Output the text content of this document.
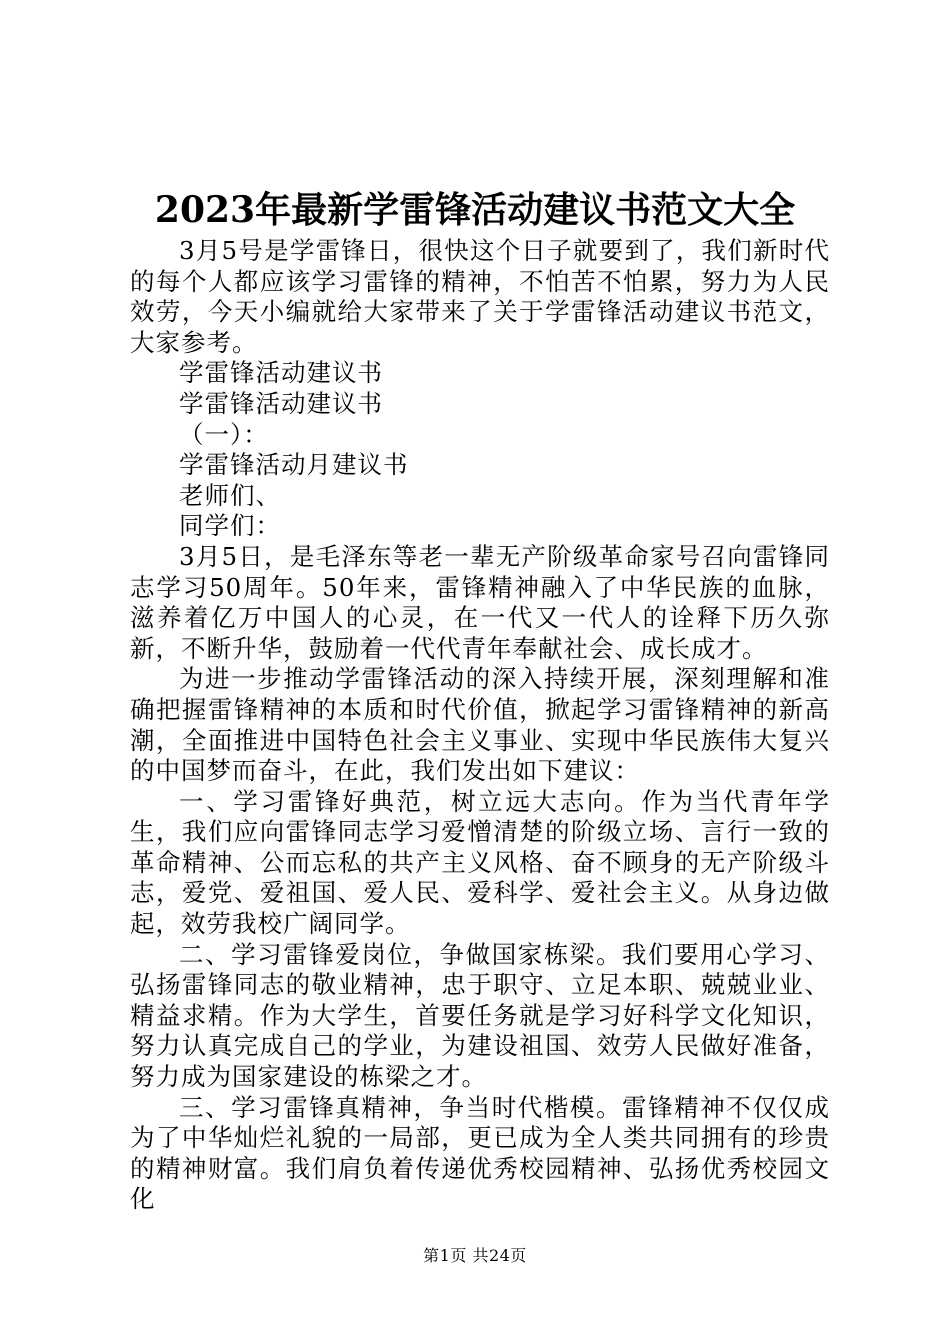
2023年最新学雷锋活动建议书范文大全

3月5号是学雷锋日，很快这个日子就要到了，我们新时代的每个人都应该学习雷锋的精神，不怕苦不怕累，努力为人民效劳，今天小编就给大家带来了关于学雷锋活动建议书范文，大家参考。

学雷锋活动建议书

学雷锋活动建议书

（一）：

学雷锋活动月建议书

老师们、

同学们：

3月5日，是毛泽东等老一辈无产阶级革命家号召向雷锋同志学习50周年。50年来，雷锋精神融入了中华民族的血脉，滋养着亿万中国人的心灵，在一代又一代人的诠释下历久弥新，不断升华，鼓励着一代代青年奉献社会、成长成才。

为进一步推动学雷锋活动的深入持续开展，深刻理解和准确把握雷锋精神的本质和时代价值，掀起学习雷锋精神的新高潮，全面推进中国特色社会主义事业、实现中华民族伟大复兴的中国梦而奋斗，在此，我们发出如下建议：

一、学习雷锋好典范，树立远大志向。作为当代青年学生，我们应向雷锋同志学习爱憎清楚的阶级立场、言行一致的革命精神、公而忘私的共产主义风格、奋不顾身的无产阶级斗志，爱党、爱祖国、爱人民、爱科学、爱社会主义。从身边做起，效劳我校广阔同学。

二、学习雷锋爱岗位，争做国家栋梁。我们要用心学习、弘扬雷锋同志的敬业精神，忠于职守、立足本职、兢兢业业、精益求精。作为大学生，首要任务就是学习好科学文化知识，努力认真完成自己的学业，为建设祖国、效劳人民做好准备，努力成为国家建设的栋梁之才。

三、学习雷锋真精神，争当时代楷模。雷锋精神不仅仅成为了中华灿烂礼貌的一局部，更已成为全人类共同拥有的珍贵的精神财富。我们肩负着传递优秀校园精神、弘扬优秀校园文化

第1页 共24页
